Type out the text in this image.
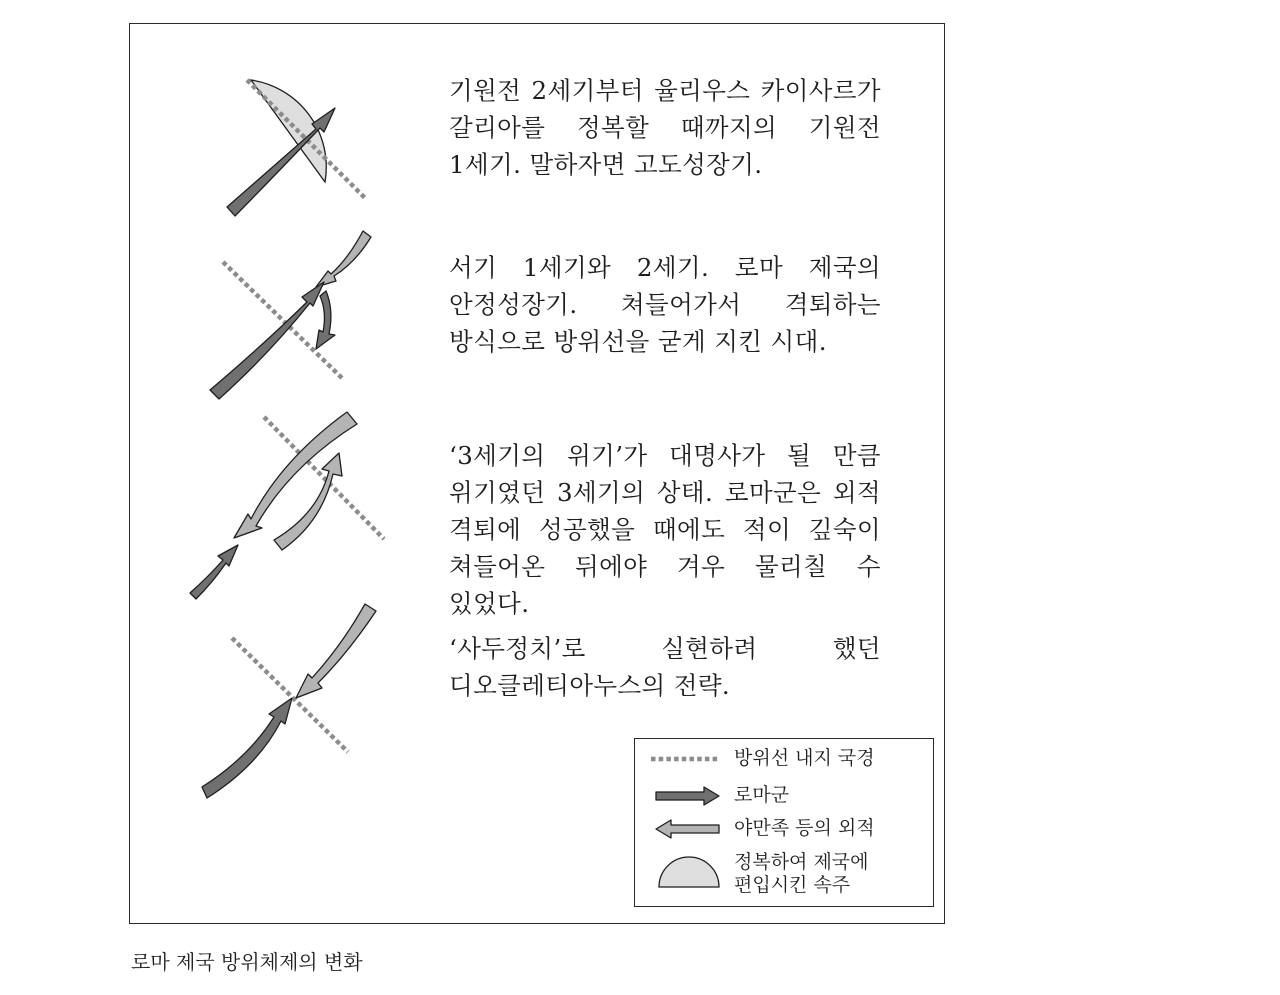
기원전 2세기부터 율리우스 카이사르가 갈리아를 정복할 때까지의 기원전 1세기. 말하자면 고도성장기.

서기 1세기와 2세기. 로마 제국의 안정성장기. 쳐들어가서 격퇴하는 방식으로 방위선을 굳게 지킨 시대.

‘3세기의 위기’가 대명사가 될 만큼 위기였던 3세기의 상태. 로마군은 외적 격퇴에 성공했을 때에도 적이 깊숙이 쳐들어온 뒤에야 겨우 물리칠 수 있었다.

‘사두정치’로 실현하려 했던 디오클레티아누스의 전략.

방위선 내지 국경
로마군
야만족 등의 외적
정복하여 제국에
편입시킨 속주
로마 제국 방위체제의 변화
